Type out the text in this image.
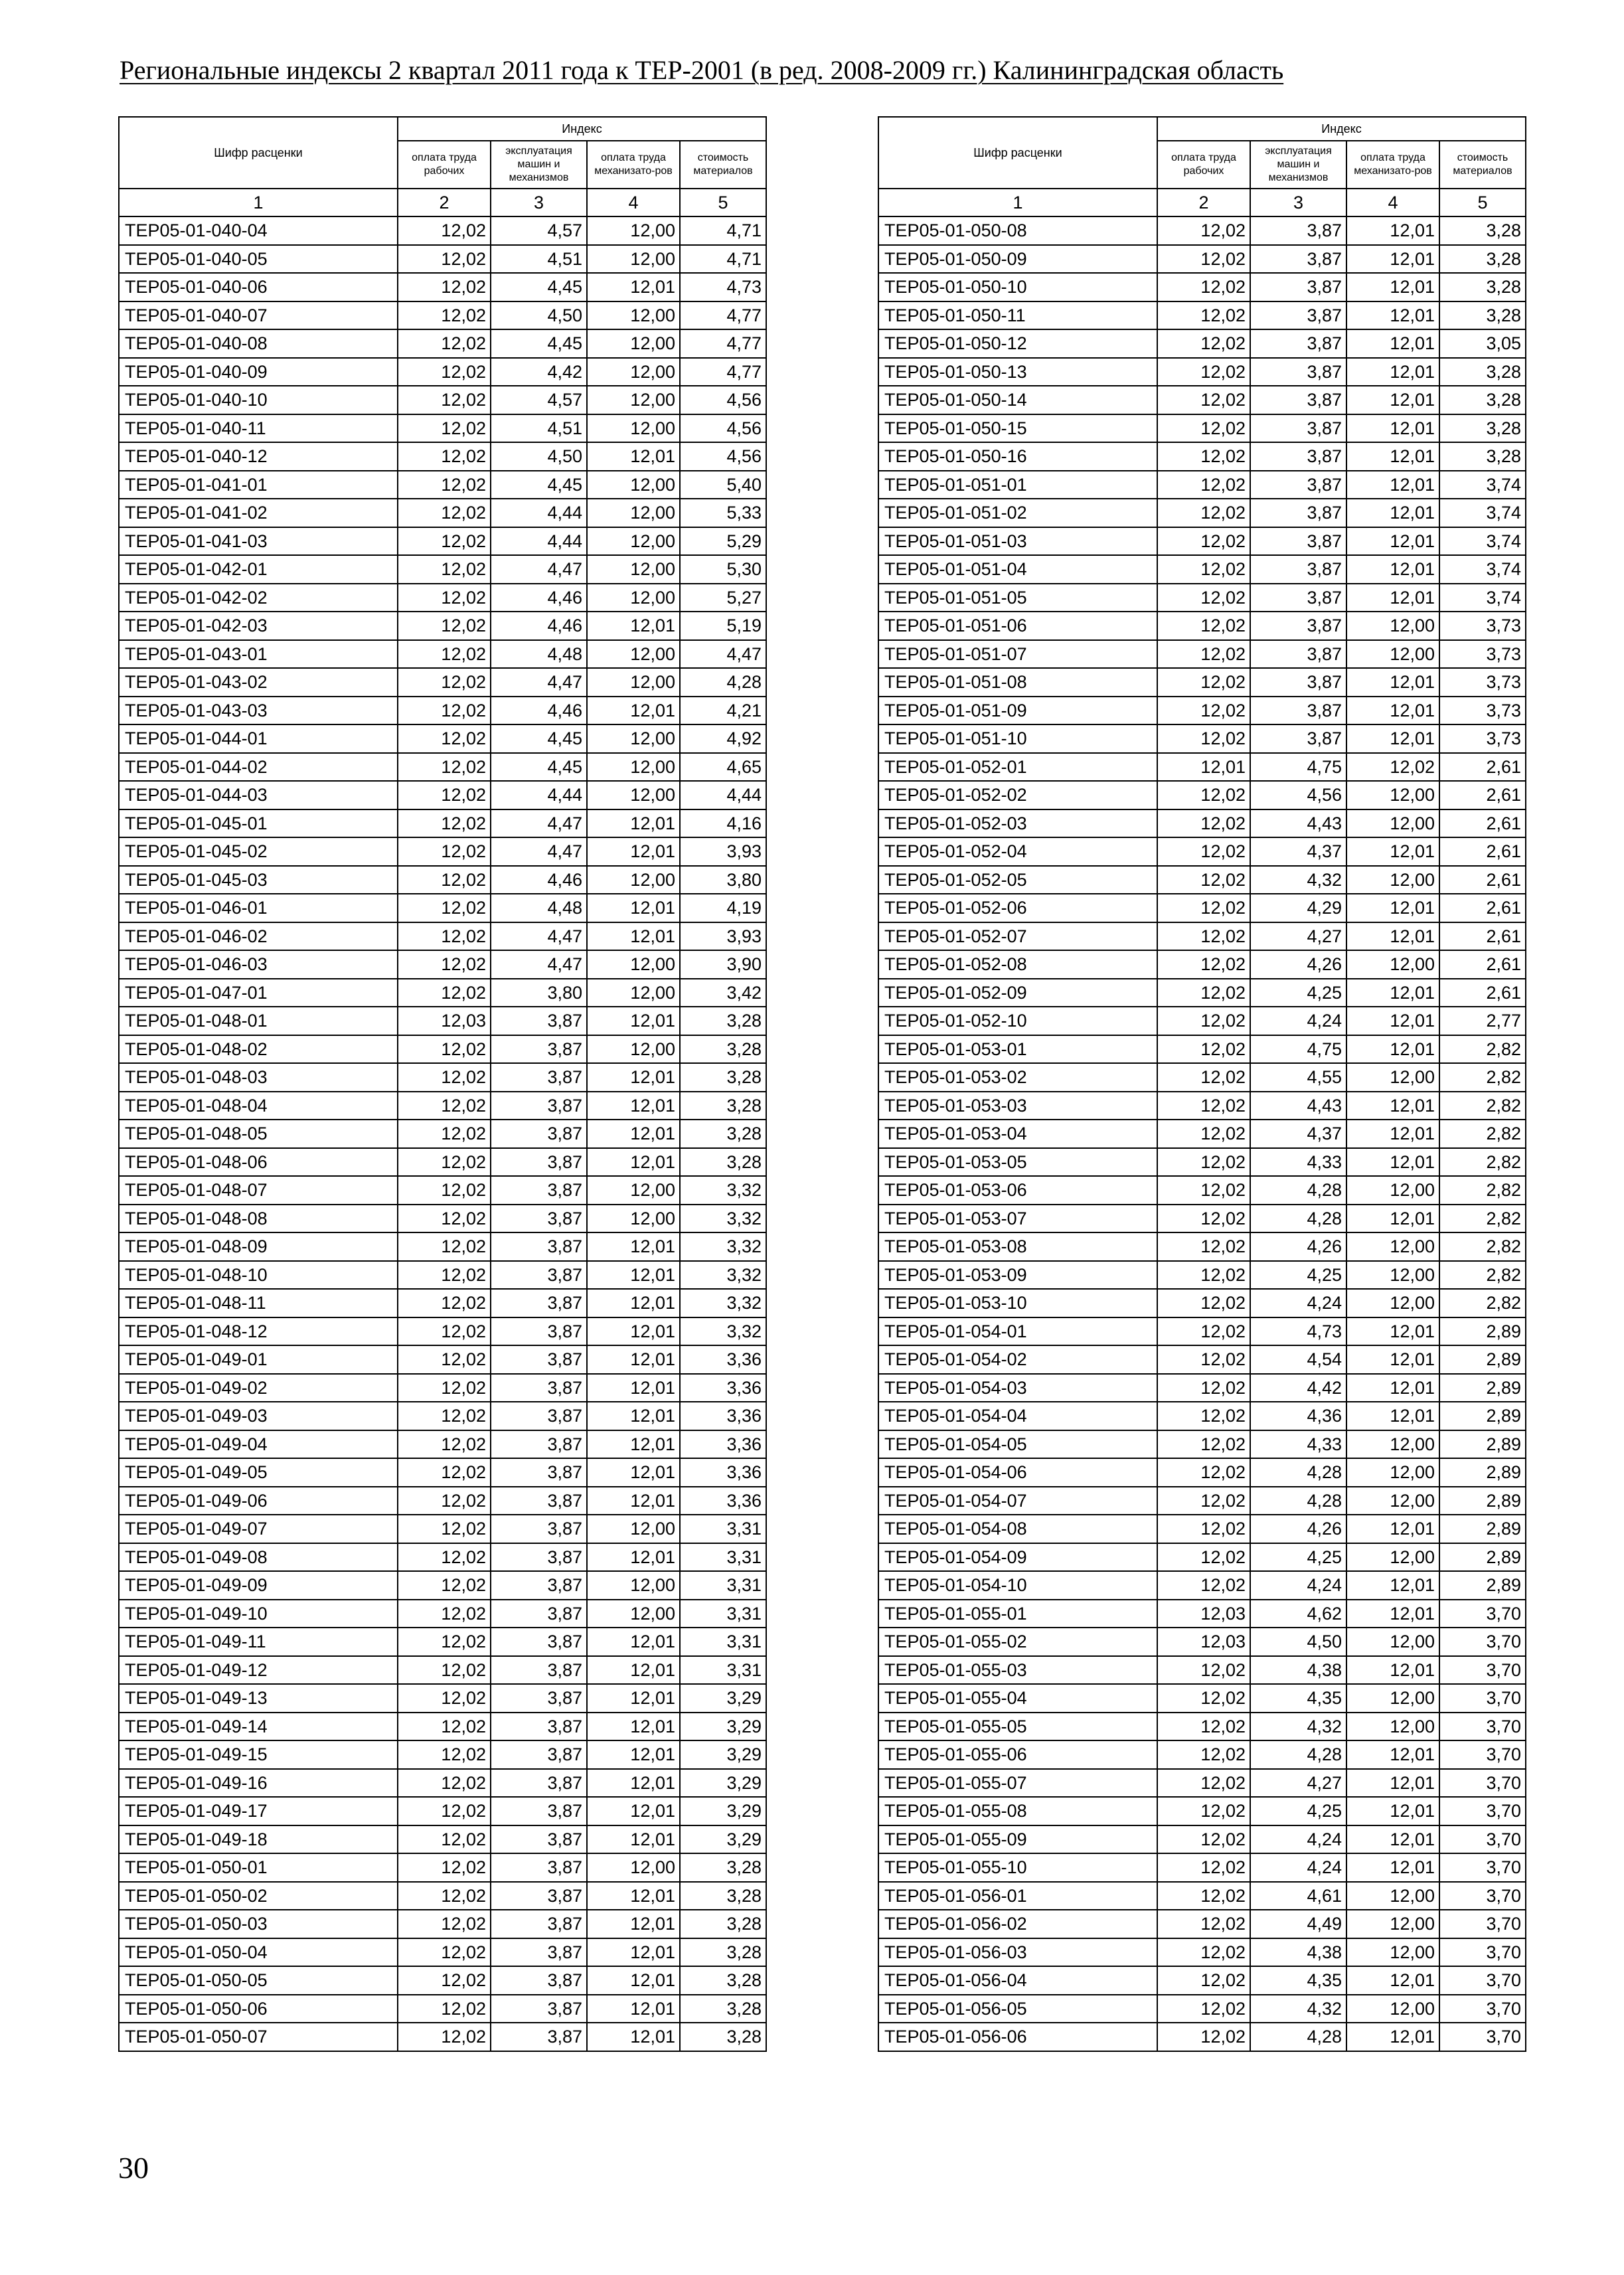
Региональные индексы 2 квартал 2011 года к ТЕР-2001 (в ред. 2008-2009 гг.) Калининградская область
Шифр расценки	Индекс			
	оплата труда рабочих	эксплуатация машин и механизмов	оплата труда механизато-ров	стоимость материалов
1	2	3	4	5
ТЕР05-01-040-04	12,02	4,57	12,00	4,71
ТЕР05-01-040-05	12,02	4,51	12,00	4,71
ТЕР05-01-040-06	12,02	4,45	12,01	4,73
ТЕР05-01-040-07	12,02	4,50	12,00	4,77
ТЕР05-01-040-08	12,02	4,45	12,00	4,77
ТЕР05-01-040-09	12,02	4,42	12,00	4,77
ТЕР05-01-040-10	12,02	4,57	12,00	4,56
ТЕР05-01-040-11	12,02	4,51	12,00	4,56
ТЕР05-01-040-12	12,02	4,50	12,01	4,56
ТЕР05-01-041-01	12,02	4,45	12,00	5,40
ТЕР05-01-041-02	12,02	4,44	12,00	5,33
ТЕР05-01-041-03	12,02	4,44	12,00	5,29
ТЕР05-01-042-01	12,02	4,47	12,00	5,30
ТЕР05-01-042-02	12,02	4,46	12,00	5,27
ТЕР05-01-042-03	12,02	4,46	12,01	5,19
ТЕР05-01-043-01	12,02	4,48	12,00	4,47
ТЕР05-01-043-02	12,02	4,47	12,00	4,28
ТЕР05-01-043-03	12,02	4,46	12,01	4,21
ТЕР05-01-044-01	12,02	4,45	12,00	4,92
ТЕР05-01-044-02	12,02	4,45	12,00	4,65
ТЕР05-01-044-03	12,02	4,44	12,00	4,44
ТЕР05-01-045-01	12,02	4,47	12,01	4,16
ТЕР05-01-045-02	12,02	4,47	12,01	3,93
ТЕР05-01-045-03	12,02	4,46	12,00	3,80
ТЕР05-01-046-01	12,02	4,48	12,01	4,19
ТЕР05-01-046-02	12,02	4,47	12,01	3,93
ТЕР05-01-046-03	12,02	4,47	12,00	3,90
ТЕР05-01-047-01	12,02	3,80	12,00	3,42
ТЕР05-01-048-01	12,03	3,87	12,01	3,28
ТЕР05-01-048-02	12,02	3,87	12,00	3,28
ТЕР05-01-048-03	12,02	3,87	12,01	3,28
ТЕР05-01-048-04	12,02	3,87	12,01	3,28
ТЕР05-01-048-05	12,02	3,87	12,01	3,28
ТЕР05-01-048-06	12,02	3,87	12,01	3,28
ТЕР05-01-048-07	12,02	3,87	12,00	3,32
ТЕР05-01-048-08	12,02	3,87	12,00	3,32
ТЕР05-01-048-09	12,02	3,87	12,01	3,32
ТЕР05-01-048-10	12,02	3,87	12,01	3,32
ТЕР05-01-048-11	12,02	3,87	12,01	3,32
ТЕР05-01-048-12	12,02	3,87	12,01	3,32
ТЕР05-01-049-01	12,02	3,87	12,01	3,36
ТЕР05-01-049-02	12,02	3,87	12,01	3,36
ТЕР05-01-049-03	12,02	3,87	12,01	3,36
ТЕР05-01-049-04	12,02	3,87	12,01	3,36
ТЕР05-01-049-05	12,02	3,87	12,01	3,36
ТЕР05-01-049-06	12,02	3,87	12,01	3,36
ТЕР05-01-049-07	12,02	3,87	12,00	3,31
ТЕР05-01-049-08	12,02	3,87	12,01	3,31
ТЕР05-01-049-09	12,02	3,87	12,00	3,31
ТЕР05-01-049-10	12,02	3,87	12,00	3,31
ТЕР05-01-049-11	12,02	3,87	12,01	3,31
ТЕР05-01-049-12	12,02	3,87	12,01	3,31
ТЕР05-01-049-13	12,02	3,87	12,01	3,29
ТЕР05-01-049-14	12,02	3,87	12,01	3,29
ТЕР05-01-049-15	12,02	3,87	12,01	3,29
ТЕР05-01-049-16	12,02	3,87	12,01	3,29
ТЕР05-01-049-17	12,02	3,87	12,01	3,29
ТЕР05-01-049-18	12,02	3,87	12,01	3,29
ТЕР05-01-050-01	12,02	3,87	12,00	3,28
ТЕР05-01-050-02	12,02	3,87	12,01	3,28
ТЕР05-01-050-03	12,02	3,87	12,01	3,28
ТЕР05-01-050-04	12,02	3,87	12,01	3,28
ТЕР05-01-050-05	12,02	3,87	12,01	3,28
ТЕР05-01-050-06	12,02	3,87	12,01	3,28
ТЕР05-01-050-07	12,02	3,87	12,01	3,28
Шифр расценки	Индекс			
	оплата труда рабочих	эксплуатация машин и механизмов	оплата труда механизато-ров	стоимость материалов
1	2	3	4	5
ТЕР05-01-050-08	12,02	3,87	12,01	3,28
ТЕР05-01-050-09	12,02	3,87	12,01	3,28
ТЕР05-01-050-10	12,02	3,87	12,01	3,28
ТЕР05-01-050-11	12,02	3,87	12,01	3,28
ТЕР05-01-050-12	12,02	3,87	12,01	3,05
ТЕР05-01-050-13	12,02	3,87	12,01	3,28
ТЕР05-01-050-14	12,02	3,87	12,01	3,28
ТЕР05-01-050-15	12,02	3,87	12,01	3,28
ТЕР05-01-050-16	12,02	3,87	12,01	3,28
ТЕР05-01-051-01	12,02	3,87	12,01	3,74
ТЕР05-01-051-02	12,02	3,87	12,01	3,74
ТЕР05-01-051-03	12,02	3,87	12,01	3,74
ТЕР05-01-051-04	12,02	3,87	12,01	3,74
ТЕР05-01-051-05	12,02	3,87	12,01	3,74
ТЕР05-01-051-06	12,02	3,87	12,00	3,73
ТЕР05-01-051-07	12,02	3,87	12,00	3,73
ТЕР05-01-051-08	12,02	3,87	12,01	3,73
ТЕР05-01-051-09	12,02	3,87	12,01	3,73
ТЕР05-01-051-10	12,02	3,87	12,01	3,73
ТЕР05-01-052-01	12,01	4,75	12,02	2,61
ТЕР05-01-052-02	12,02	4,56	12,00	2,61
ТЕР05-01-052-03	12,02	4,43	12,00	2,61
ТЕР05-01-052-04	12,02	4,37	12,01	2,61
ТЕР05-01-052-05	12,02	4,32	12,00	2,61
ТЕР05-01-052-06	12,02	4,29	12,01	2,61
ТЕР05-01-052-07	12,02	4,27	12,01	2,61
ТЕР05-01-052-08	12,02	4,26	12,00	2,61
ТЕР05-01-052-09	12,02	4,25	12,01	2,61
ТЕР05-01-052-10	12,02	4,24	12,01	2,77
ТЕР05-01-053-01	12,02	4,75	12,01	2,82
ТЕР05-01-053-02	12,02	4,55	12,00	2,82
ТЕР05-01-053-03	12,02	4,43	12,01	2,82
ТЕР05-01-053-04	12,02	4,37	12,01	2,82
ТЕР05-01-053-05	12,02	4,33	12,01	2,82
ТЕР05-01-053-06	12,02	4,28	12,00	2,82
ТЕР05-01-053-07	12,02	4,28	12,01	2,82
ТЕР05-01-053-08	12,02	4,26	12,00	2,82
ТЕР05-01-053-09	12,02	4,25	12,00	2,82
ТЕР05-01-053-10	12,02	4,24	12,00	2,82
ТЕР05-01-054-01	12,02	4,73	12,01	2,89
ТЕР05-01-054-02	12,02	4,54	12,01	2,89
ТЕР05-01-054-03	12,02	4,42	12,01	2,89
ТЕР05-01-054-04	12,02	4,36	12,01	2,89
ТЕР05-01-054-05	12,02	4,33	12,00	2,89
ТЕР05-01-054-06	12,02	4,28	12,00	2,89
ТЕР05-01-054-07	12,02	4,28	12,00	2,89
ТЕР05-01-054-08	12,02	4,26	12,01	2,89
ТЕР05-01-054-09	12,02	4,25	12,00	2,89
ТЕР05-01-054-10	12,02	4,24	12,01	2,89
ТЕР05-01-055-01	12,03	4,62	12,01	3,70
ТЕР05-01-055-02	12,03	4,50	12,00	3,70
ТЕР05-01-055-03	12,02	4,38	12,01	3,70
ТЕР05-01-055-04	12,02	4,35	12,00	3,70
ТЕР05-01-055-05	12,02	4,32	12,00	3,70
ТЕР05-01-055-06	12,02	4,28	12,01	3,70
ТЕР05-01-055-07	12,02	4,27	12,01	3,70
ТЕР05-01-055-08	12,02	4,25	12,01	3,70
ТЕР05-01-055-09	12,02	4,24	12,01	3,70
ТЕР05-01-055-10	12,02	4,24	12,01	3,70
ТЕР05-01-056-01	12,02	4,61	12,00	3,70
ТЕР05-01-056-02	12,02	4,49	12,00	3,70
ТЕР05-01-056-03	12,02	4,38	12,00	3,70
ТЕР05-01-056-04	12,02	4,35	12,01	3,70
ТЕР05-01-056-05	12,02	4,32	12,00	3,70
ТЕР05-01-056-06	12,02	4,28	12,01	3,70
30
